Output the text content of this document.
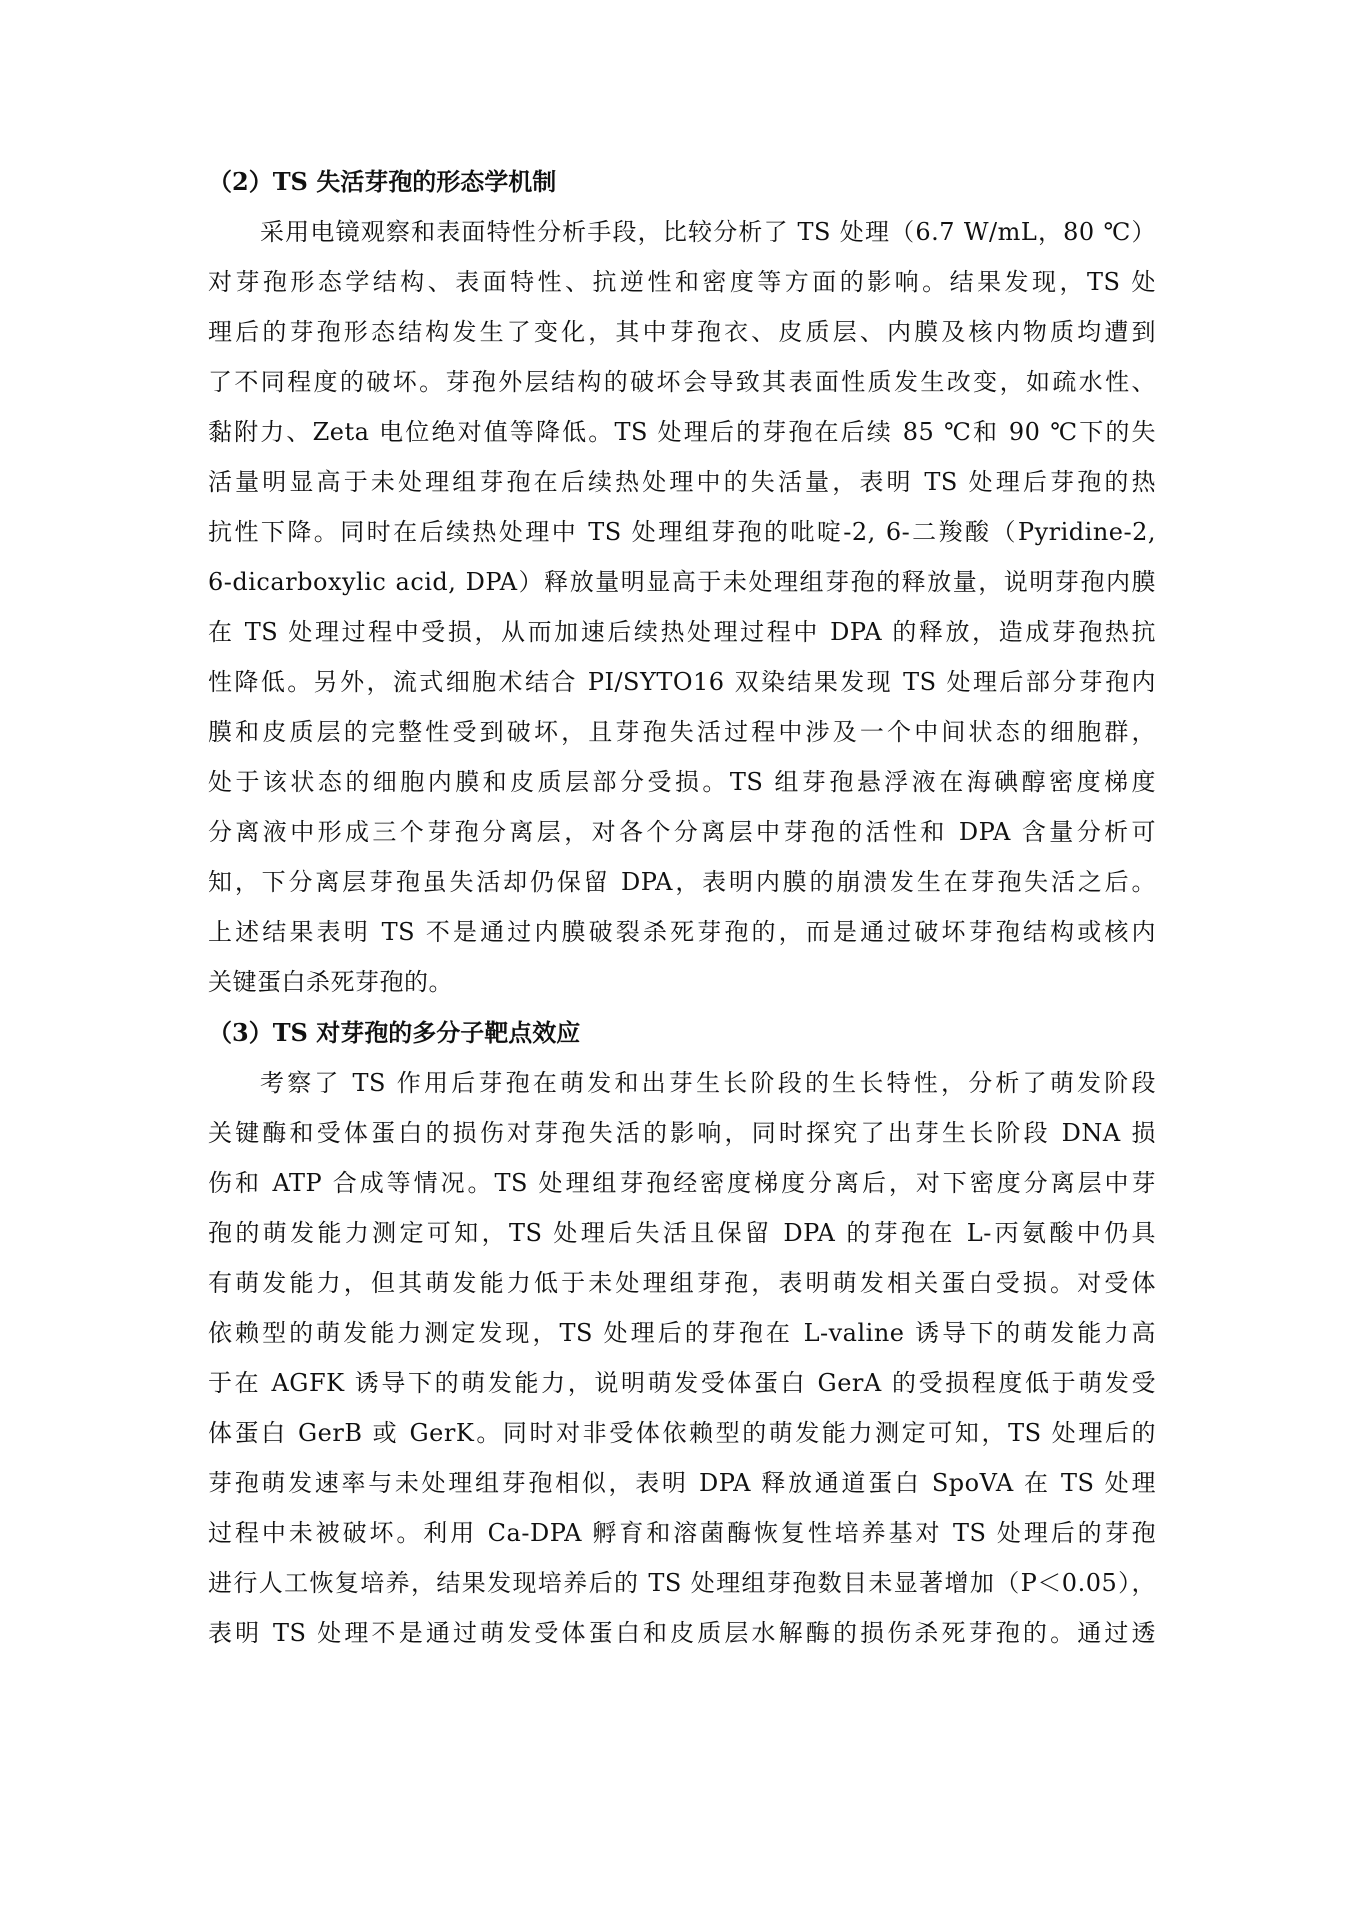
（2）TS 失活芽孢的形态学机制
采用电镜观察和表面特性分析手段，比较分析了 TS 处理（6.7 W/mL，80 ℃）
对芽孢形态学结构、表面特性、抗逆性和密度等方面的影响。结果发现，TS 处
理后的芽孢形态结构发生了变化，其中芽孢衣、皮质层、内膜及核内物质均遭到
了不同程度的破坏。芽孢外层结构的破坏会导致其表面性质发生改变，如疏水性、
黏附力、Zeta 电位绝对值等降低。TS 处理后的芽孢在后续 85 ℃和 90 ℃下的失
活量明显高于未处理组芽孢在后续热处理中的失活量，表明 TS 处理后芽孢的热
抗性下降。同时在后续热处理中 TS 处理组芽孢的吡啶-2, 6-二羧酸（Pyridine-2,
6-dicarboxylic acid, DPA）释放量明显高于未处理组芽孢的释放量，说明芽孢内膜
在 TS 处理过程中受损，从而加速后续热处理过程中 DPA 的释放，造成芽孢热抗
性降低。另外，流式细胞术结合 PI/SYTO16 双染结果发现 TS 处理后部分芽孢内
膜和皮质层的完整性受到破坏，且芽孢失活过程中涉及一个中间状态的细胞群，
处于该状态的细胞内膜和皮质层部分受损。TS 组芽孢悬浮液在海碘醇密度梯度
分离液中形成三个芽孢分离层，对各个分离层中芽孢的活性和 DPA 含量分析可
知，下分离层芽孢虽失活却仍保留 DPA，表明内膜的崩溃发生在芽孢失活之后。
上述结果表明 TS 不是通过内膜破裂杀死芽孢的，而是通过破坏芽孢结构或核内
关键蛋白杀死芽孢的。
（3）TS 对芽孢的多分子靶点效应
考察了 TS 作用后芽孢在萌发和出芽生长阶段的生长特性，分析了萌发阶段
关键酶和受体蛋白的损伤对芽孢失活的影响，同时探究了出芽生长阶段 DNA 损
伤和 ATP 合成等情况。TS 处理组芽孢经密度梯度分离后，对下密度分离层中芽
孢的萌发能力测定可知，TS 处理后失活且保留 DPA 的芽孢在 L-丙氨酸中仍具
有萌发能力，但其萌发能力低于未处理组芽孢，表明萌发相关蛋白受损。对受体
依赖型的萌发能力测定发现，TS 处理后的芽孢在 L-valine 诱导下的萌发能力高
于在 AGFK 诱导下的萌发能力，说明萌发受体蛋白 GerA 的受损程度低于萌发受
体蛋白 GerB 或 GerK。同时对非受体依赖型的萌发能力测定可知，TS 处理后的
芽孢萌发速率与未处理组芽孢相似，表明 DPA 释放通道蛋白 SpoVA 在 TS 处理
过程中未被破坏。利用 Ca-DPA 孵育和溶菌酶恢复性培养基对 TS 处理后的芽孢
进行人工恢复培养，结果发现培养后的 TS 处理组芽孢数目未显著增加（P＜0.05），
表明 TS 处理不是通过萌发受体蛋白和皮质层水解酶的损伤杀死芽孢的。通过透
